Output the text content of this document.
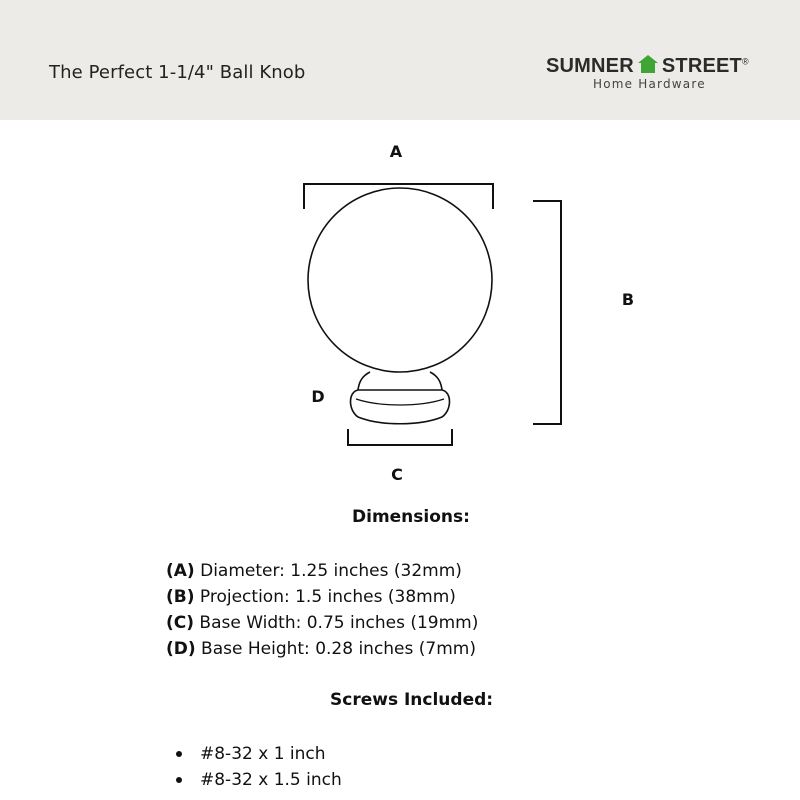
The Perfect 1-1/4" Ball Knob	SUMNER STREET®
Home Hardware
A
B
D
C
Dimensions:
(A) Diameter: 1.25 inches (32mm)
(B) Projection: 1.5 inches (38mm)
(C) Base Width: 0.75 inches (19mm)
(D) Base Height: 0.28 inches (7mm)
Screws Included:
#8-32 x 1 inch
#8-32 x 1.5 inch
